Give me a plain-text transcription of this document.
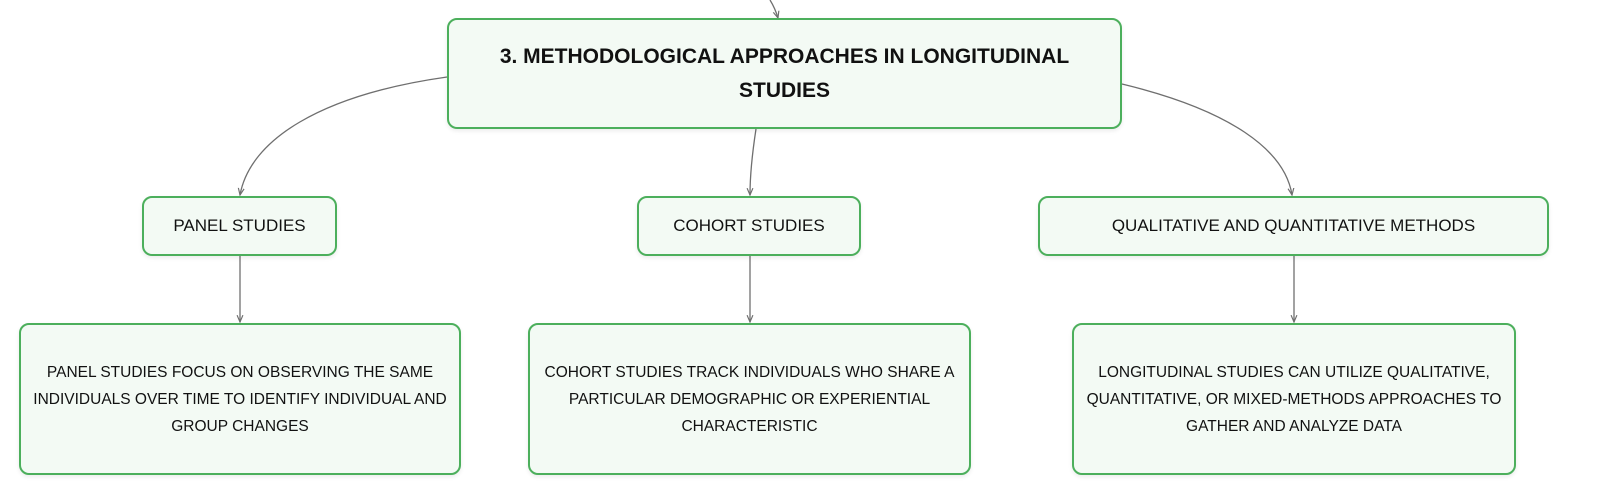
3. METHODOLOGICAL APPROACHES IN LONGITUDINAL STUDIES
PANEL STUDIES	COHORT STUDIES	QUALITATIVE AND QUANTITATIVE METHODS
PANEL STUDIES FOCUS ON OBSERVING THE SAME INDIVIDUALS OVER TIME TO IDENTIFY INDIVIDUAL AND GROUP CHANGES
COHORT STUDIES TRACK INDIVIDUALS WHO SHARE A PARTICULAR DEMOGRAPHIC OR EXPERIENTIAL CHARACTERISTIC
LONGITUDINAL STUDIES CAN UTILIZE QUALITATIVE, QUANTITATIVE, OR MIXED-METHODS APPROACHES TO GATHER AND ANALYZE DATA
